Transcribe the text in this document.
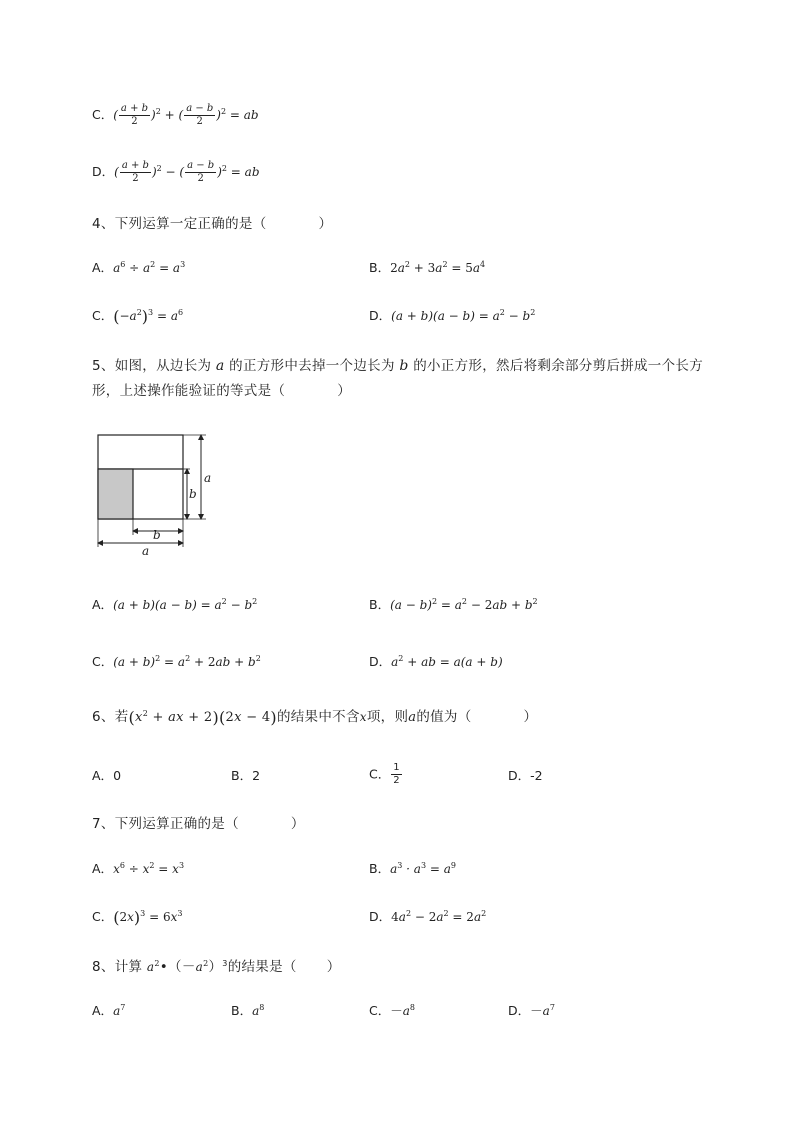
C．( $\frac{a + b}{2} )^2$ + ( $\frac{a - b}{2} )^2$ = ab
D．( $\frac{a + b}{2} )^2$ − ( $\frac{a - b}{2} )^2$ = ab
4、下列运算一定正确的是（	）
A．$a^6 \div a^2 = a^3$	B．$2a^2 + 3a^2 = 5a^4$
C．$(-a^2)^3 = a^6$	D．$(a + b)(a - b) = a^2 - b^2$
5、如图，从边长为 a 的正方形中去掉一个边长为 b 的小正方形，然后将剩余部分剪后拼成一个长方
形，上述操作能验证的等式是（	）
a
b
b
a
A．$(a + b)(a - b) = a^2 - b^2$	B．$(a - b)^2 = a^2 - 2ab + b^2$
C．$(a + b)^2 = a^2 + 2ab + b^2$	D．$a^2$ + ab = a(a + b)
6、若($x^2$ + ax + 2)(2x − 4)的结果中不含x项，则a的值为（	）
A．0	B．2	C． $\frac{1}{2}$	D．-2
7、下列运算正确的是（	）
A．$x^6 \div x^2 = x^3$	B．$a^3 \cdot a^3 = a^9$
C．$(2x)^3 = 6x^3$	D．$4a^2 - 2a^2 = 2a^2$
8、计算 $a^2•(-a^2)^3$的结果是（ ）
A．$a^7$	B．$a^8$	C．$-a^8$	D．$-a^7$
